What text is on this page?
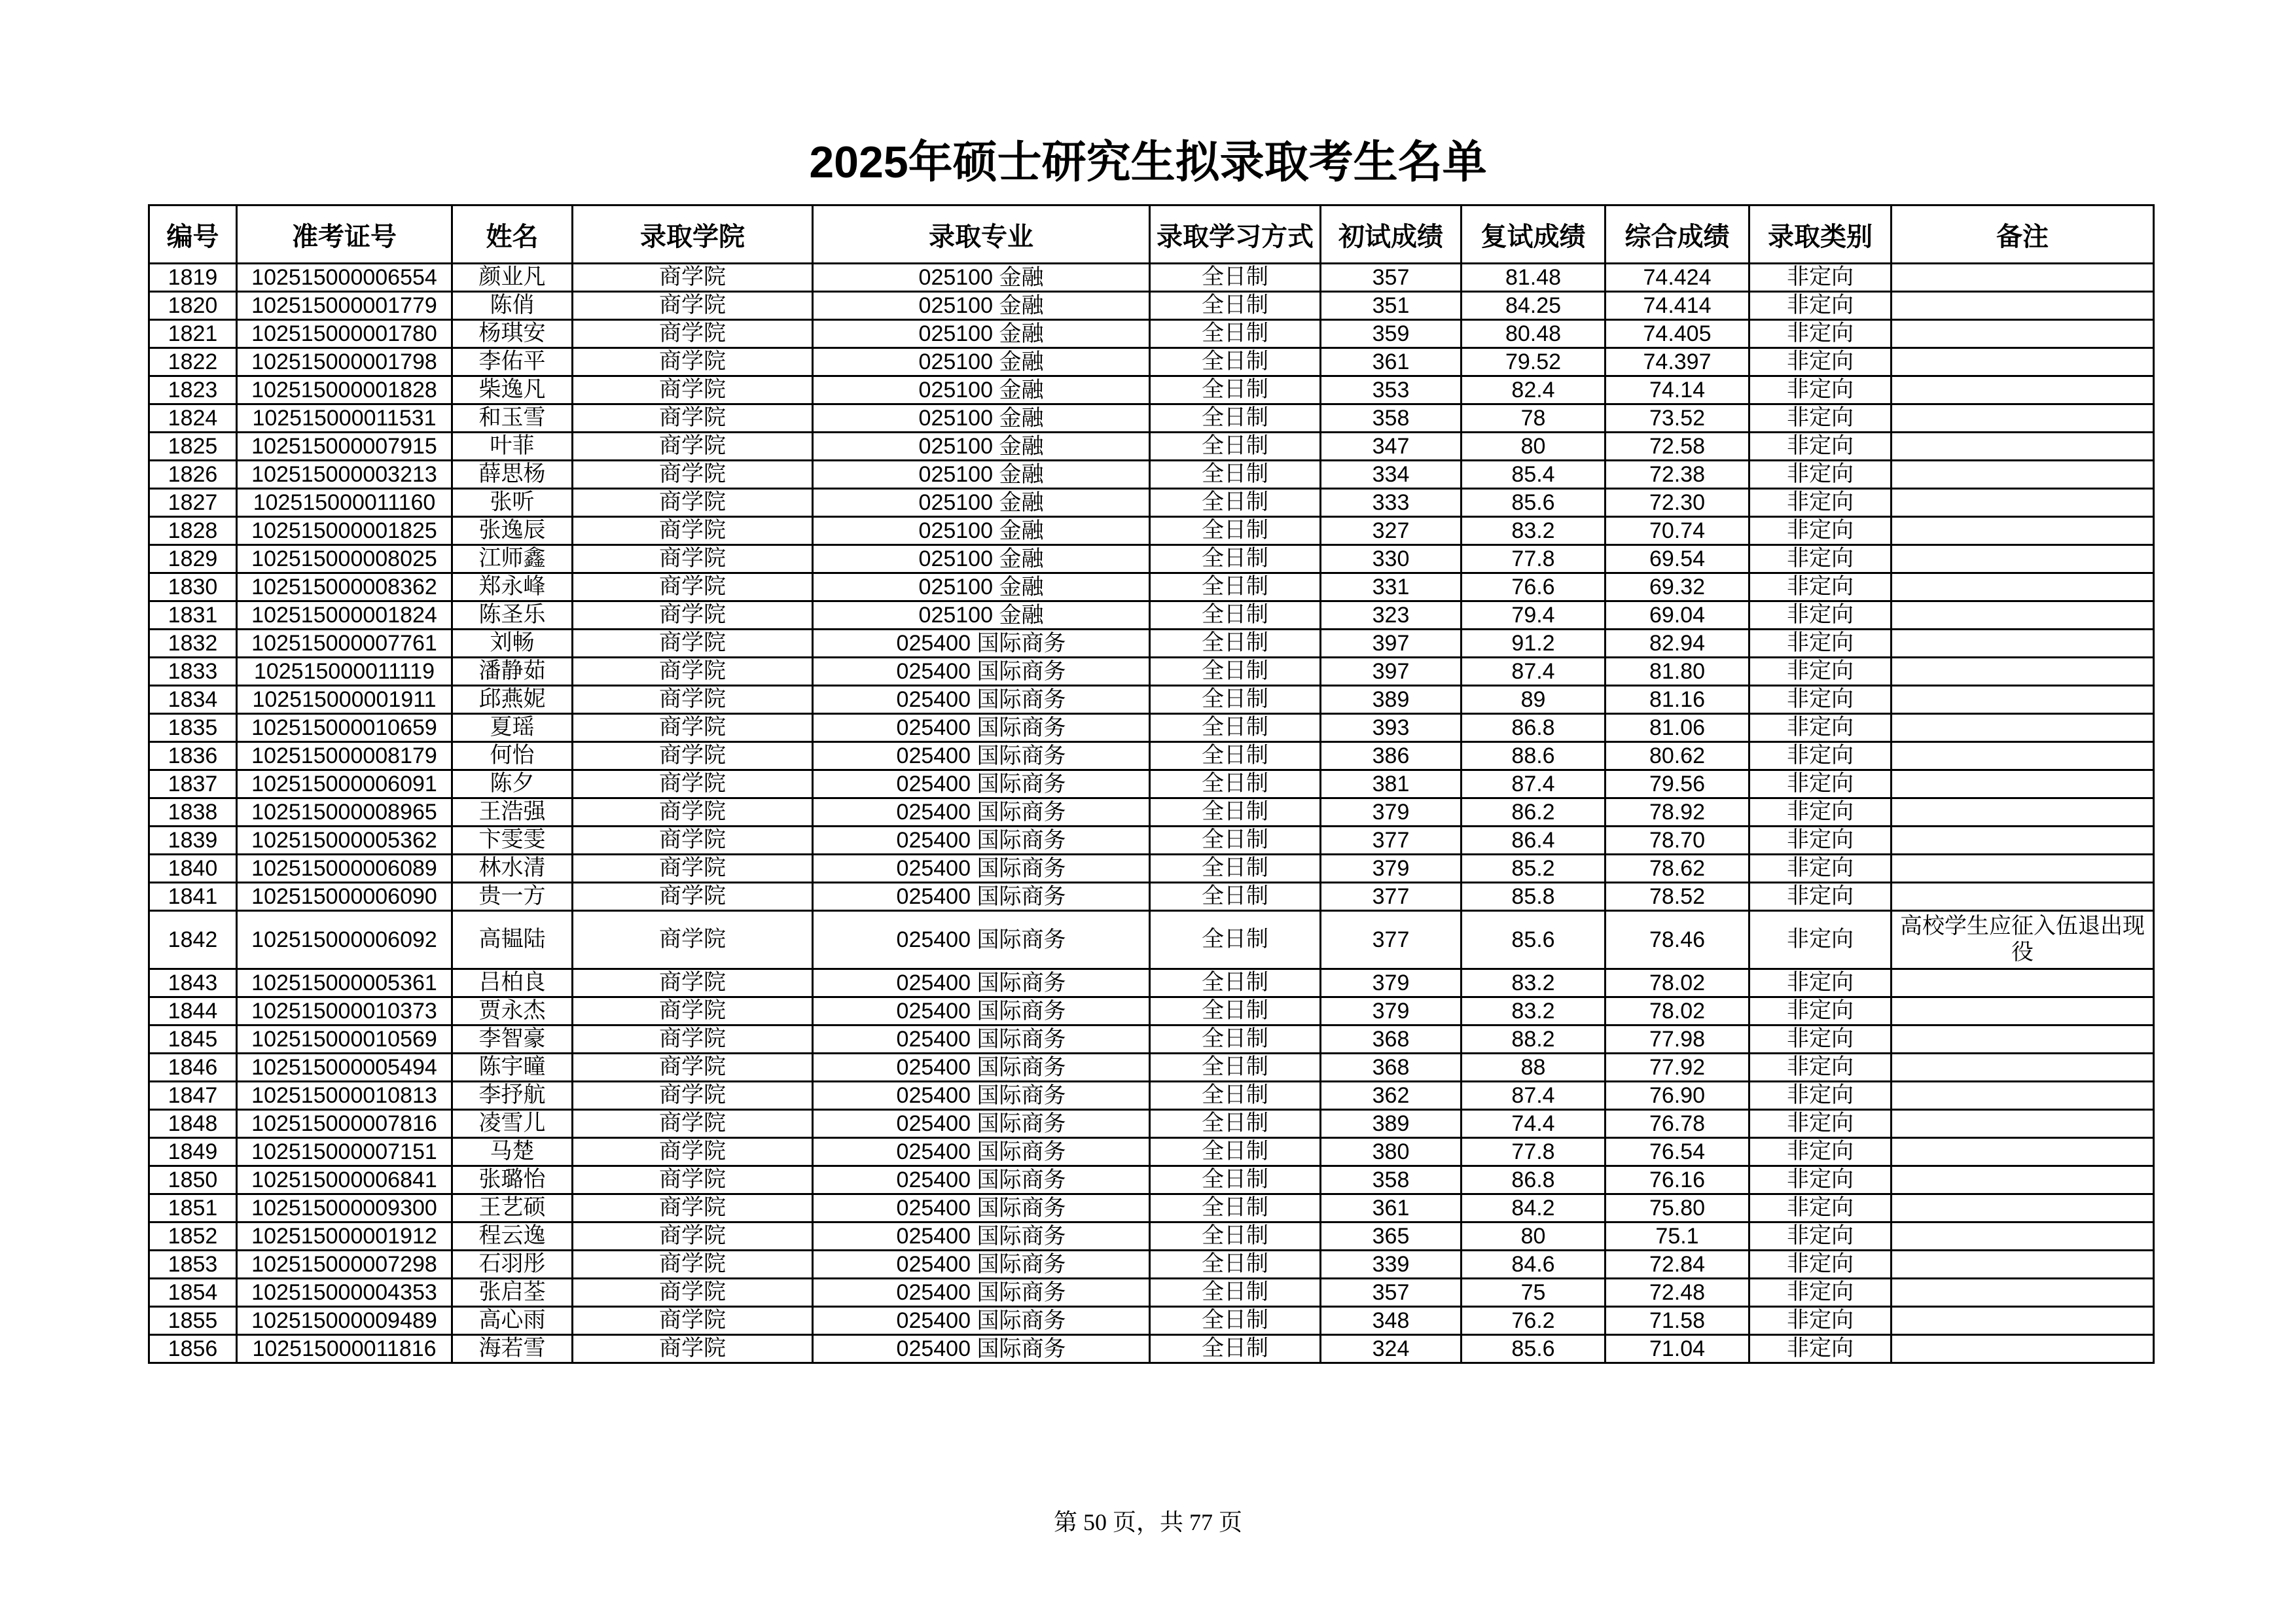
2025年硕士研究生拟录取考生名单
编号	准考证号	姓名	录取学院	录取专业	录取学习方式	初试成绩	复试成绩	综合成绩	录取类别	备注
1819	102515000006554	颜业凡	商学院	025100 金融	全日制	357	81.48	74.424	非定向	
1820	102515000001779	陈俏	商学院	025100 金融	全日制	351	84.25	74.414	非定向	
1821	102515000001780	杨琪安	商学院	025100 金融	全日制	359	80.48	74.405	非定向	
1822	102515000001798	李佑平	商学院	025100 金融	全日制	361	79.52	74.397	非定向	
1823	102515000001828	柴逸凡	商学院	025100 金融	全日制	353	82.4	74.14	非定向	
1824	102515000011531	和玉雪	商学院	025100 金融	全日制	358	78	73.52	非定向	
1825	102515000007915	叶菲	商学院	025100 金融	全日制	347	80	72.58	非定向	
1826	102515000003213	薛思杨	商学院	025100 金融	全日制	334	85.4	72.38	非定向	
1827	102515000011160	张听	商学院	025100 金融	全日制	333	85.6	72.30	非定向	
1828	102515000001825	张逸辰	商学院	025100 金融	全日制	327	83.2	70.74	非定向	
1829	102515000008025	江师鑫	商学院	025100 金融	全日制	330	77.8	69.54	非定向	
1830	102515000008362	郑永峰	商学院	025100 金融	全日制	331	76.6	69.32	非定向	
1831	102515000001824	陈圣乐	商学院	025100 金融	全日制	323	79.4	69.04	非定向	
1832	102515000007761	刘畅	商学院	025400 国际商务	全日制	397	91.2	82.94	非定向	
1833	102515000011119	潘静茹	商学院	025400 国际商务	全日制	397	87.4	81.80	非定向	
1834	102515000001911	邱燕妮	商学院	025400 国际商务	全日制	389	89	81.16	非定向	
1835	102515000010659	夏瑶	商学院	025400 国际商务	全日制	393	86.8	81.06	非定向	
1836	102515000008179	何怡	商学院	025400 国际商务	全日制	386	88.6	80.62	非定向	
1837	102515000006091	陈夕	商学院	025400 国际商务	全日制	381	87.4	79.56	非定向	
1838	102515000008965	王浩强	商学院	025400 国际商务	全日制	379	86.2	78.92	非定向	
1839	102515000005362	卞雯雯	商学院	025400 国际商务	全日制	377	86.4	78.70	非定向	
1840	102515000006089	林水清	商学院	025400 国际商务	全日制	379	85.2	78.62	非定向	
1841	102515000006090	贵一方	商学院	025400 国际商务	全日制	377	85.8	78.52	非定向	
1842	102515000006092	高韫陆	商学院	025400 国际商务	全日制	377	85.6	78.46	非定向	高校学生应征入伍退出现役
1843	102515000005361	吕柏良	商学院	025400 国际商务	全日制	379	83.2	78.02	非定向	
1844	102515000010373	贾永杰	商学院	025400 国际商务	全日制	379	83.2	78.02	非定向	
1845	102515000010569	李智豪	商学院	025400 国际商务	全日制	368	88.2	77.98	非定向	
1846	102515000005494	陈宇曈	商学院	025400 国际商务	全日制	368	88	77.92	非定向	
1847	102515000010813	李抒航	商学院	025400 国际商务	全日制	362	87.4	76.90	非定向	
1848	102515000007816	凌雪儿	商学院	025400 国际商务	全日制	389	74.4	76.78	非定向	
1849	102515000007151	马楚	商学院	025400 国际商务	全日制	380	77.8	76.54	非定向	
1850	102515000006841	张璐怡	商学院	025400 国际商务	全日制	358	86.8	76.16	非定向	
1851	102515000009300	王艺硕	商学院	025400 国际商务	全日制	361	84.2	75.80	非定向	
1852	102515000001912	程云逸	商学院	025400 国际商务	全日制	365	80	75.1	非定向	
1853	102515000007298	石羽彤	商学院	025400 国际商务	全日制	339	84.6	72.84	非定向	
1854	102515000004353	张启荃	商学院	025400 国际商务	全日制	357	75	72.48	非定向	
1855	102515000009489	高心雨	商学院	025400 国际商务	全日制	348	76.2	71.58	非定向	
1856	102515000011816	海若雪	商学院	025400 国际商务	全日制	324	85.6	71.04	非定向	
第 50 页，共 77 页
